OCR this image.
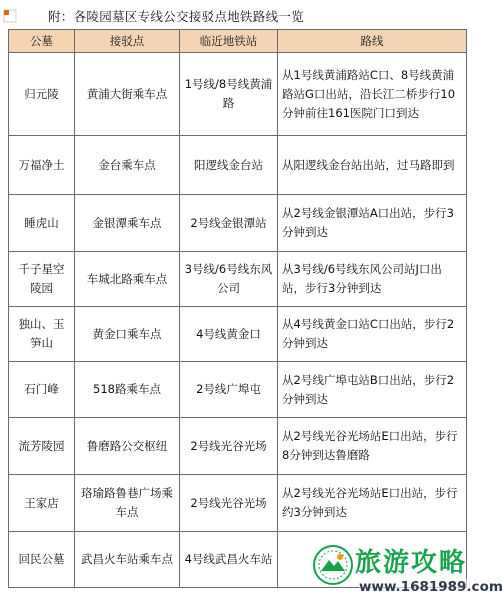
附：各陵园墓区专线公交接驳点地铁路线一览
公墓	接驳点	临近地铁站	路线
归元陵	黄浦大街乘车点	1号线/8号线黄浦路	从1号线黄浦路站C口、8号线黄浦路站G口出站，沿长江二桥步行10分钟前往161医院门口到达
万福净土	金台乘车点	阳逻线金台站	从阳逻线金台站出站，过马路即到
睡虎山	金银潭乘车点	2号线金银潭站	从2号线金银潭站A口出站，步行3分钟到达
千子星空陵园	车城北路乘车点	3号线/6号线东风公司	从3号线/6号线东风公司站J口出站，步行3分钟到达
独山、玉笋山	黄金口乘车点	4号线黄金口	从4号线黄金口站C口出站，步行2分钟到达
石门峰	518路乘车点	2号线广埠屯	从2号线广埠屯站B口出站，步行2分钟到达
流芳陵园	鲁磨路公交枢纽	2号线光谷光场	从2号线光谷光场站E口出站，步行8分钟到达鲁磨路
王家店	珞瑜路鲁巷广场乘车点	2号线光谷光场	从2号线光谷光场站E口出站，步行约3分钟到达
回民公墓	武昌火车站乘车点	4号线武昌火车站		旅游攻略
www.1681989.com
